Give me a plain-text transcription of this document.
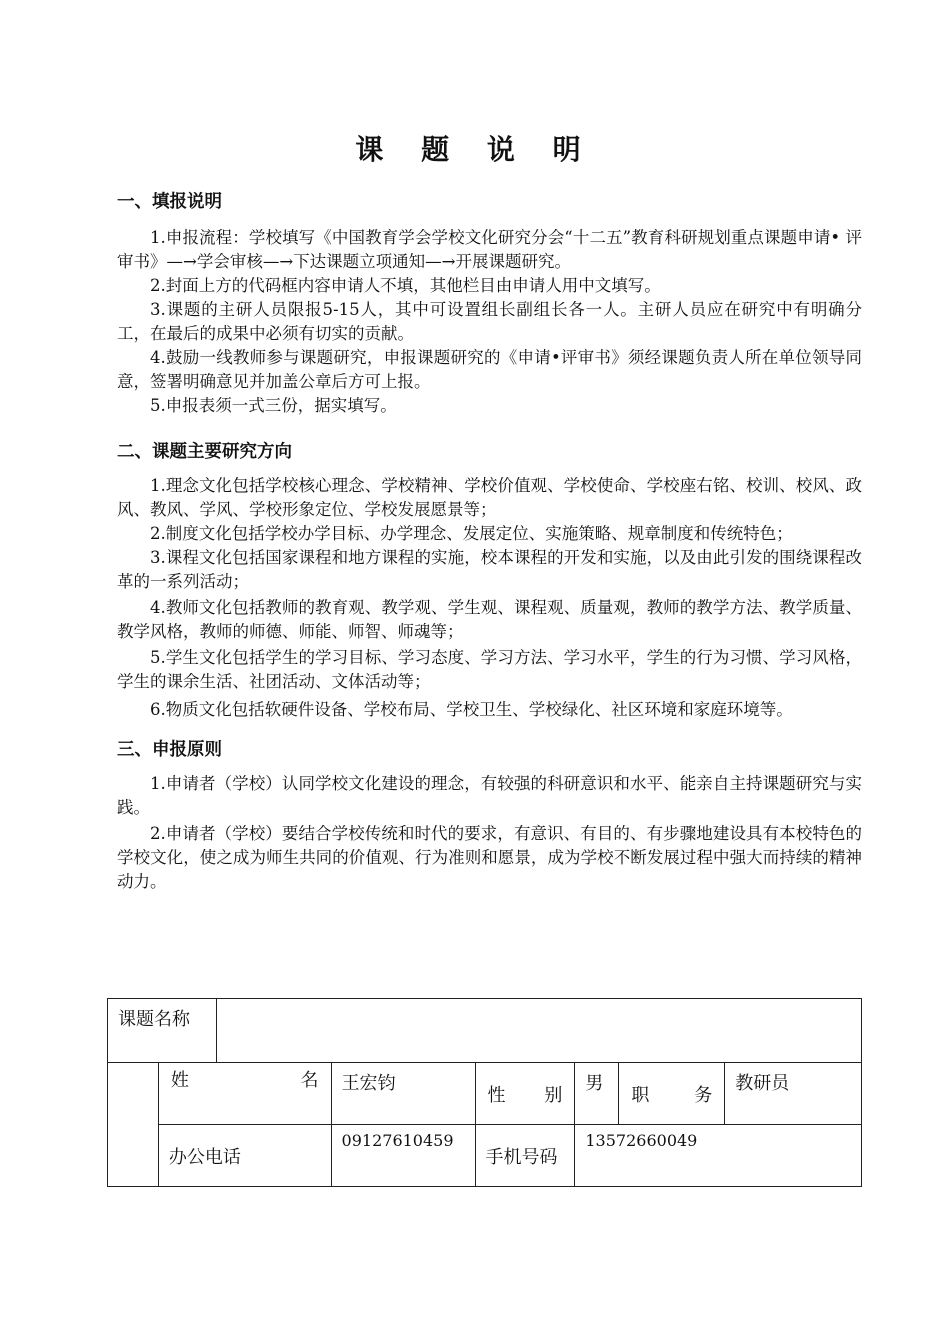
课 题 说 明
一、填报说明

1.申报流程：学校填写《中国教育学会学校文化研究分会“十二五”教育科研规划重点课题申请• 评审书》—→学会审核—→下达课题立项通知—→开展课题研究。

2.封面上方的代码框内容申请人不填，其他栏目由申请人用中文填写。

3.课题的主研人员限报5-15人，其中可设置组长副组长各一人。主研人员应在研究中有明确分工，在最后的成果中必须有切实的贡献。

4.鼓励一线教师参与课题研究，申报课题研究的《申请•评审书》须经课题负责人所在单位领导同意，签署明确意见并加盖公章后方可上报。

5.申报表须一式三份，据实填写。

二、课题主要研究方向

1.理念文化包括学校核心理念、学校精神、学校价值观、学校使命、学校座右铭、校训、校风、政风、教风、学风、学校形象定位、学校发展愿景等；

2.制度文化包括学校办学目标、办学理念、发展定位、实施策略、规章制度和传统特色；

3.课程文化包括国家课程和地方课程的实施，校本课程的开发和实施，以及由此引发的围绕课程改革的一系列活动；

4.教师文化包括教师的教育观、教学观、学生观、课程观、质量观，教师的教学方法、教学质量、教学风格，教师的师德、师能、师智、师魂等；

5.学生文化包括学生的学习目标、学习态度、学习方法、学习水平，学生的行为习惯、学习风格，学生的课余生活、社团活动、文体活动等；

6.物质文化包括软硬件设备、学校布局、学校卫生、学校绿化、社区环境和家庭环境等。

三、申报原则

1.申请者（学校）认同学校文化建设的理念，有较强的科研意识和水平、能亲自主持课题研究与实践。

2.申请者（学校）要结合学校传统和时代的要求，有意识、有目的、有步骤地建设具有本校特色的学校文化，使之成为师生共同的价值观、行为准则和愿景，成为学校不断发展过程中强大而持续的精神动力。

课题名称							

	姓 名		王宏钧	性 别	男	职 务	教研员

	办公电话		09127610459	手机号码	13572660049		
